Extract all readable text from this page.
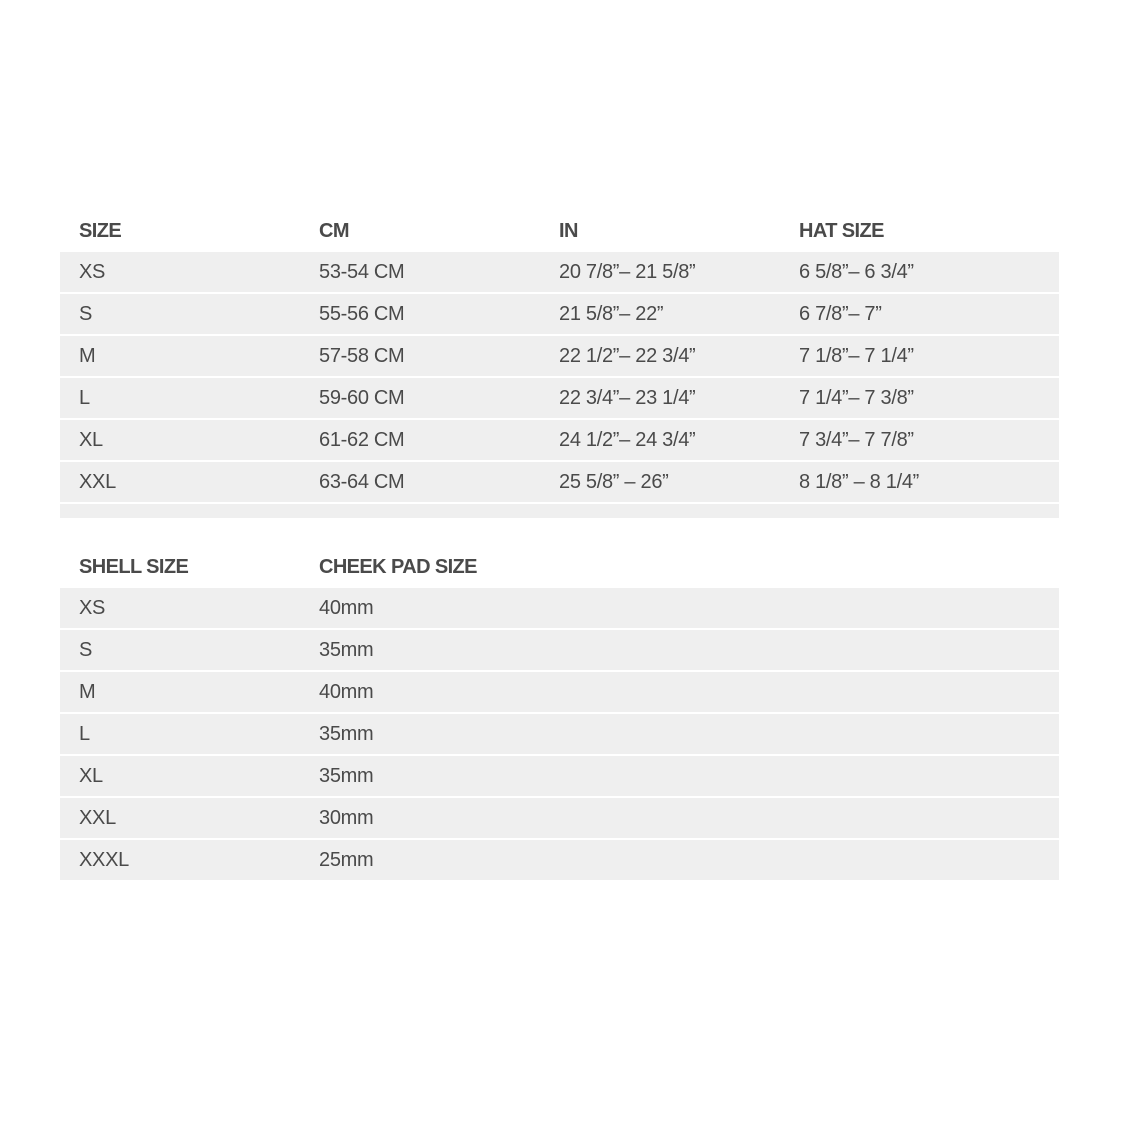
SIZE	CM	IN	HAT SIZE
XS	53-54 CM	20 7/8”– 21 5/8”	6 5/8”– 6 3/4”
S	55-56 CM	21 5/8”– 22”	6 7/8”– 7”
M	57-58 CM	22 1/2”– 22 3/4”	7 1/8”– 7 1/4”
L	59-60 CM	22 3/4”– 23 1/4”	7 1/4”– 7 3/8”
XL	61-62 CM	24 1/2”– 24 3/4”	7 3/4”– 7 7/8”
XXL	63-64 CM	25 5/8” – 26”	8 1/8” – 8 1/4”
SHELL SIZE	CHEEK PAD SIZE
XS	40mm
S	35mm
M	40mm
L	35mm
XL	35mm
XXL	30mm
XXXL	25mm
